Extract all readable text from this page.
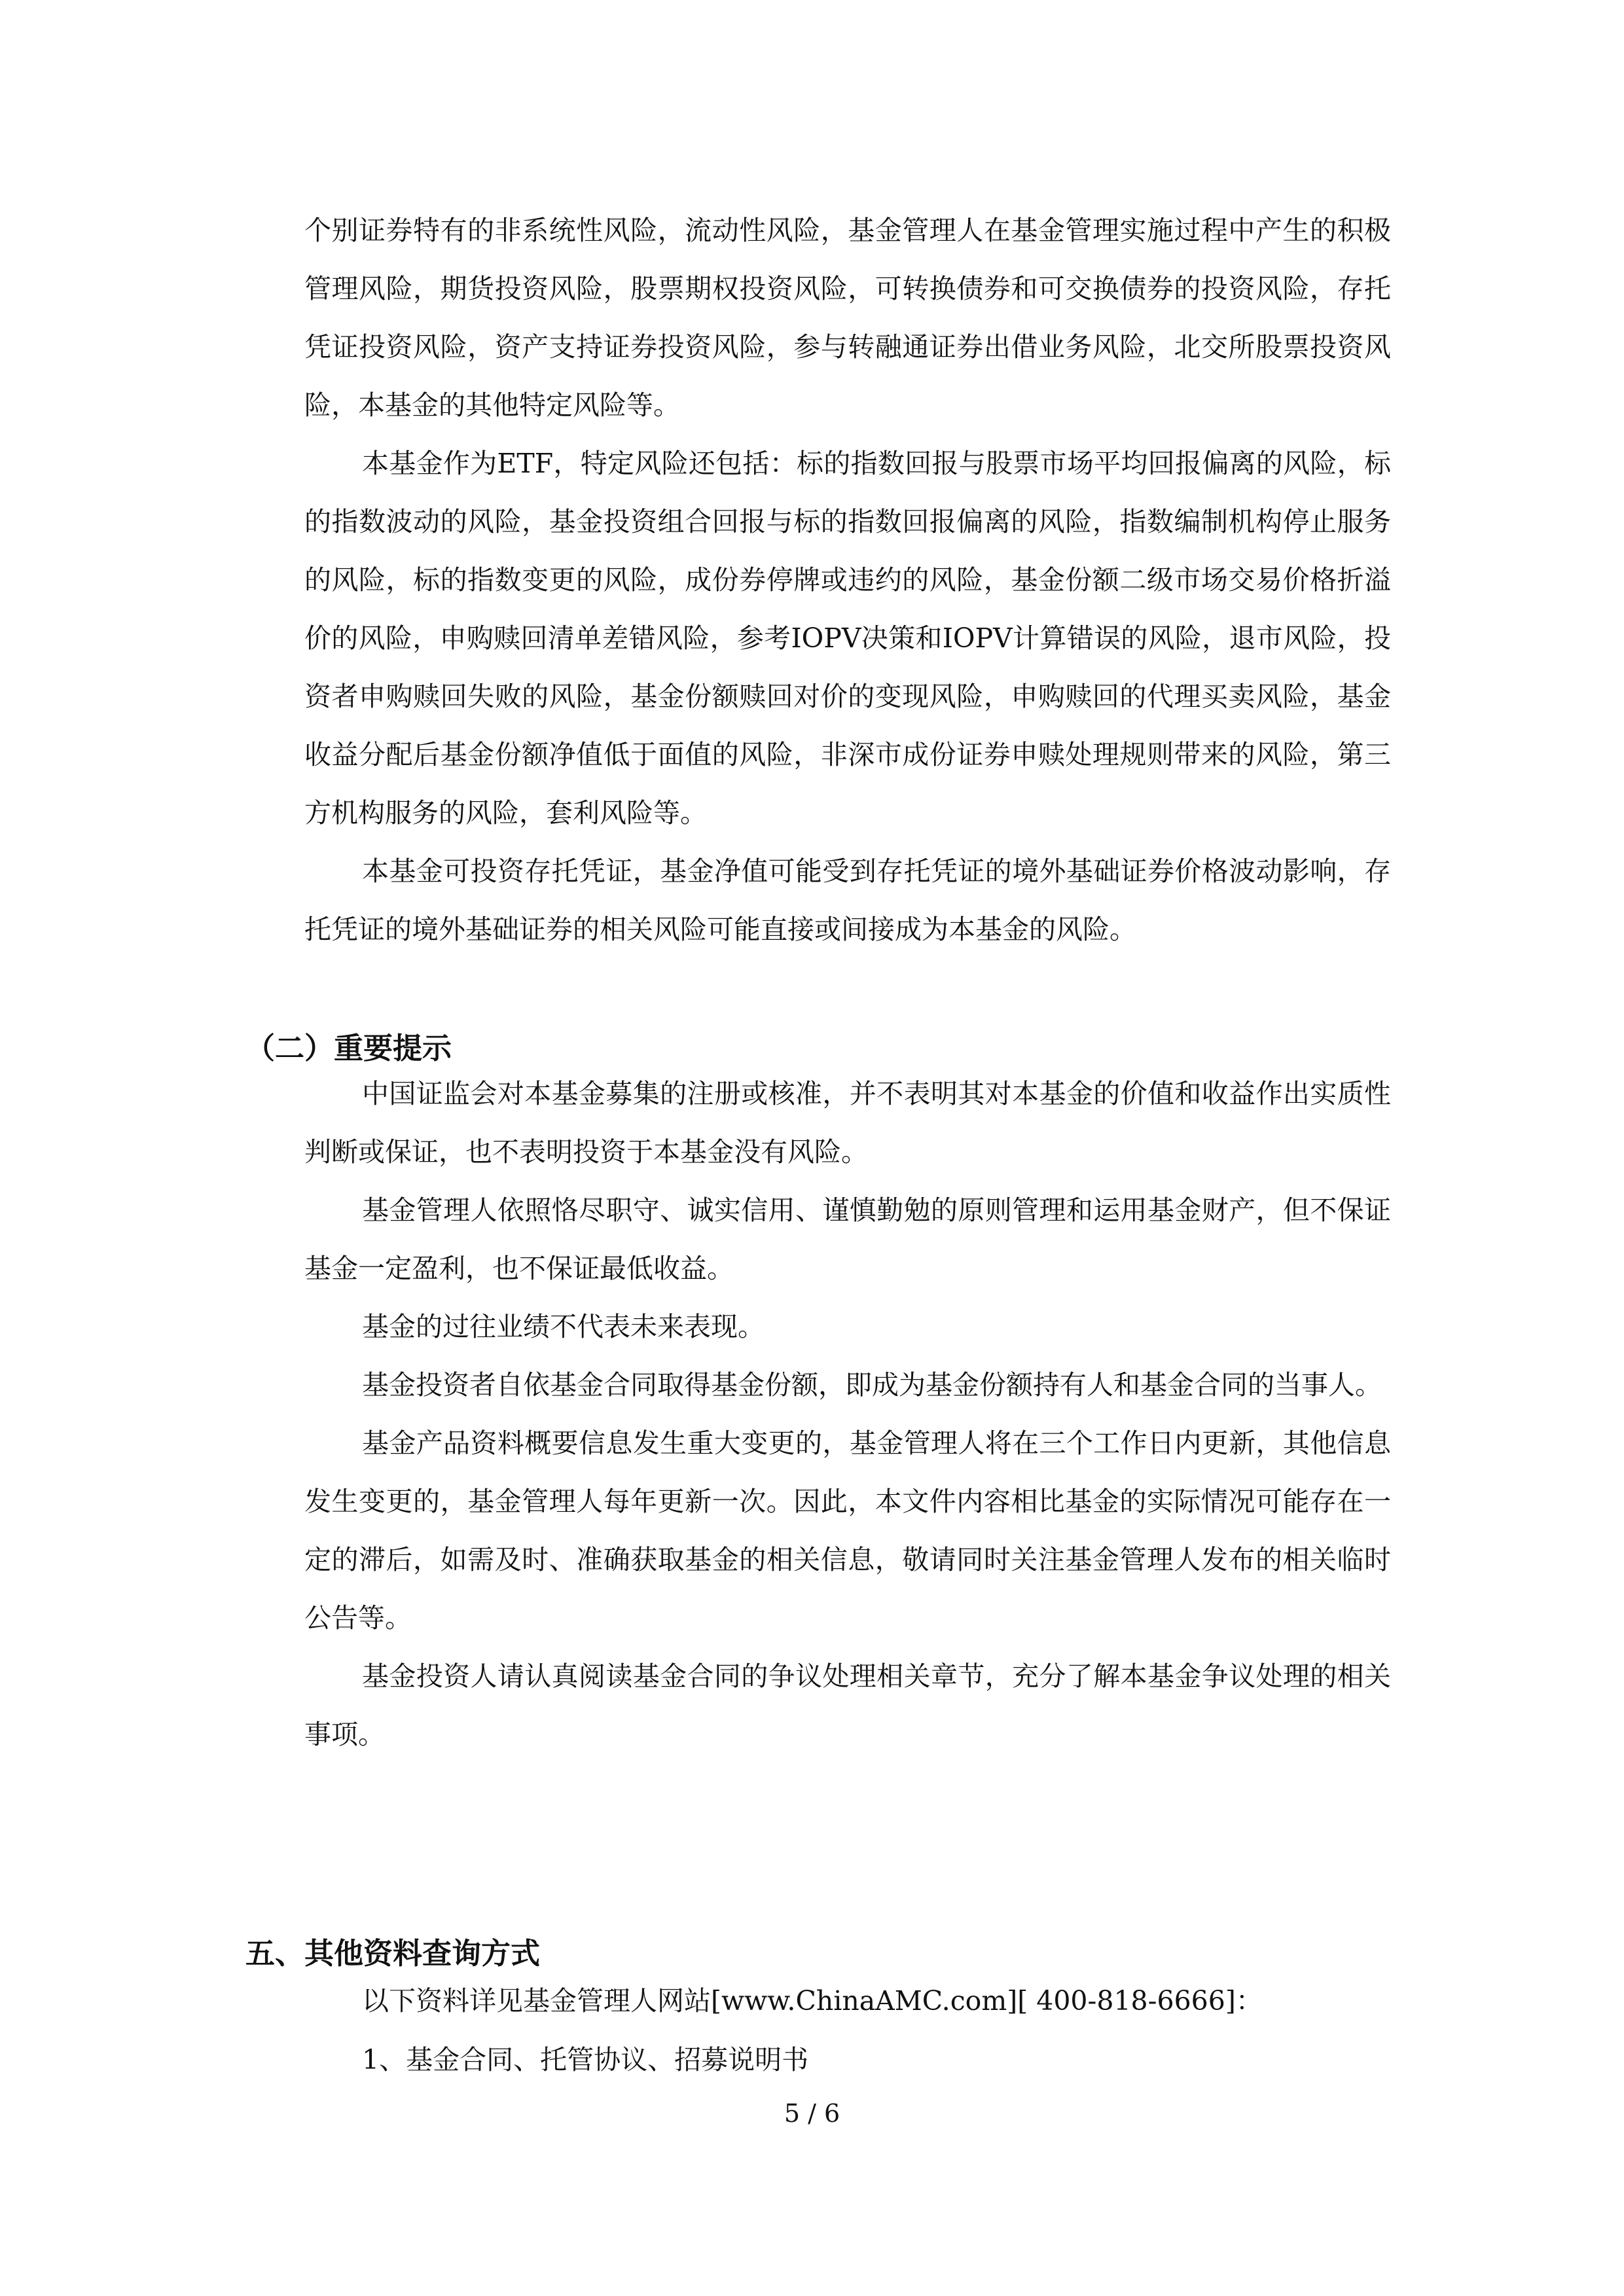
个别证券特有的非系统性风险，流动性风险，基金管理人在基金管理实施过程中产生的积极管理风险，期货投资风险，股票期权投资风险，可转换债券和可交换债券的投资风险，存托凭证投资风险，资产支持证券投资风险，参与转融通证券出借业务风险，北交所股票投资风险，本基金的其他特定风险等。

本基金作为ETF，特定风险还包括：标的指数回报与股票市场平均回报偏离的风险，标的指数波动的风险，基金投资组合回报与标的指数回报偏离的风险，指数编制机构停止服务的风险，标的指数变更的风险，成份券停牌或违约的风险，基金份额二级市场交易价格折溢价的风险，申购赎回清单差错风险，参考IOPV决策和IOPV计算错误的风险，退市风险，投资者申购赎回失败的风险，基金份额赎回对价的变现风险，申购赎回的代理买卖风险，基金收益分配后基金份额净值低于面值的风险，非深市成份证券申赎处理规则带来的风险，第三方机构服务的风险，套利风险等。

本基金可投资存托凭证，基金净值可能受到存托凭证的境外基础证券价格波动影响，存托凭证的境外基础证券的相关风险可能直接或间接成为本基金的风险。

（二）重要提示

中国证监会对本基金募集的注册或核准，并不表明其对本基金的价值和收益作出实质性判断或保证，也不表明投资于本基金没有风险。

基金管理人依照恪尽职守、诚实信用、谨慎勤勉的原则管理和运用基金财产，但不保证基金一定盈利，也不保证最低收益。

基金的过往业绩不代表未来表现。

基金投资者自依基金合同取得基金份额，即成为基金份额持有人和基金合同的当事人。

基金产品资料概要信息发生重大变更的，基金管理人将在三个工作日内更新，其他信息发生变更的，基金管理人每年更新一次。因此，本文件内容相比基金的实际情况可能存在一定的滞后，如需及时、准确获取基金的相关信息，敬请同时关注基金管理人发布的相关临时公告等。

基金投资人请认真阅读基金合同的争议处理相关章节，充分了解本基金争议处理的相关事项。

五、其他资料查询方式

以下资料详见基金管理人网站[www.ChinaAMC.com][ 400-818-6666]：

1、基金合同、托管协议、招募说明书

5 / 6
